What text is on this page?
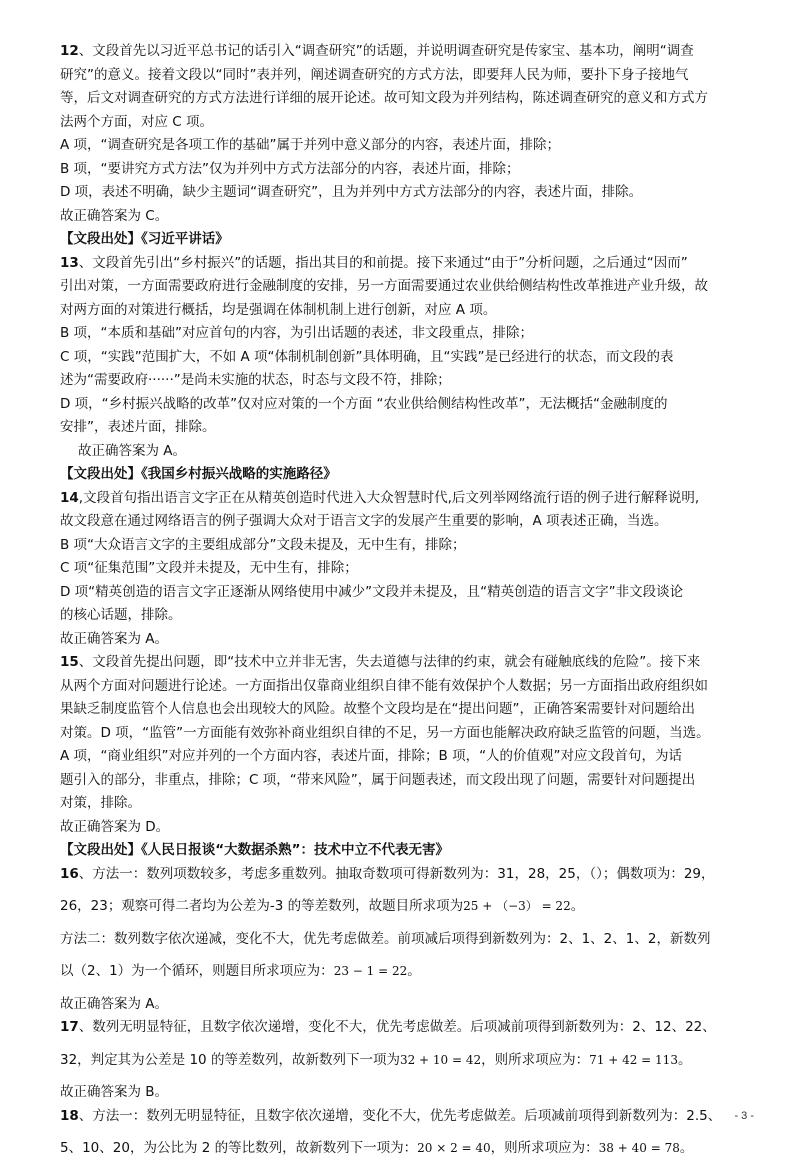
12、文段首先以习近平总书记的话引入“调查研究”的话题，并说明调查研究是传家宝、基本功，阐明“调查

研究”的意义。接着文段以“同时”表并列，阐述调查研究的方式方法，即要拜人民为师，要扑下身子接地气

等，后文对调查研究的方式方法进行详细的展开论述。故可知文段为并列结构，陈述调查研究的意义和方式方

法两个方面，对应 C 项。

A 项，“调查研究是各项工作的基础”属于并列中意义部分的内容，表述片面，排除；

B 项，“要讲究方式方法”仅为并列中方式方法部分的内容，表述片面，排除；

D 项，表述不明确，缺少主题词“调查研究”，且为并列中方式方法部分的内容，表述片面，排除。

故正确答案为 C。

【文段出处】《习近平讲话》

13、文段首先引出“乡村振兴”的话题，指出其目的和前提。接下来通过“由于”分析问题，之后通过“因而”

引出对策，一方面需要政府进行金融制度的安排，另一方面需要通过农业供给侧结构性改革推进产业升级，故

对两方面的对策进行概括，均是强调在体制机制上进行创新，对应 A 项。

B 项，“本质和基础”对应首句的内容，为引出话题的表述，非文段重点，排除；

C 项，“实践”范围扩大，不如 A 项“体制机制创新”具体明确，且“实践”是已经进行的状态，而文段的表

述为“需要政府······”是尚未实施的状态，时态与文段不符，排除；

D 项，“乡村振兴战略的改革”仅对应对策的一个方面 “农业供给侧结构性改革”，无法概括“金融制度的

安排”，表述片面，排除。

故正确答案为 A。

【文段出处】《我国乡村振兴战略的实施路径》

14,文段首句指出语言文字正在从精英创造时代进入大众智慧时代,后文列举网络流行语的例子进行解释说明,

故文段意在通过网络语言的例子强调大众对于语言文字的发展产生重要的影响，A 项表述正确，当选。

B 项“大众语言文字的主要组成部分”文段未提及，无中生有，排除；

C 项“征集范围”文段并未提及，无中生有，排除；

D 项“精英创造的语言文字正逐渐从网络使用中减少”文段并未提及，且“精英创造的语言文字”非文段谈论

的核心话题，排除。

故正确答案为 A。

15、文段首先提出问题，即“技术中立并非无害，失去道德与法律的约束，就会有碰触底线的危险”。接下来

从两个方面对问题进行论述。一方面指出仅靠商业组织自律不能有效保护个人数据；另一方面指出政府组织如

果缺乏制度监管个人信息也会出现较大的风险。故整个文段均是在“提出问题”，正确答案需要针对问题给出

对策。D 项，“监管”一方面能有效弥补商业组织自律的不足，另一方面也能解决政府缺乏监管的问题，当选。

A 项，“商业组织”对应并列的一个方面内容，表述片面，排除；B 项，“人的价值观”对应文段首句，为话

题引入的部分，非重点，排除；C 项，“带来风险”，属于问题表述，而文段出现了问题，需要针对问题提出

对策，排除。

故正确答案为 D。

【文段出处】《人民日报谈“大数据杀熟”：技术中立不代表无害》

16、方法一：数列项数较多，考虑多重数列。抽取奇数项可得新数列为：31，28，25，（）；偶数项为：29，

26，23；观察可得二者均为公差为-3 的等差数列，故题目所求项为25 + （−3） = 22。

方法二：数列数字依次递减，变化不大，优先考虑做差。前项减后项得到新数列为：2、1、2、1、2，新数列

以（2、1）为一个循环，则题目所求项应为：23 − 1 = 22。

故正确答案为 A。

17、数列无明显特征，且数字依次递增，变化不大，优先考虑做差。后项减前项得到新数列为：2、12、22、

32，判定其为公差是 10 的等差数列，故新数列下一项为32 + 10 = 42，则所求项应为：71 + 42 = 113。

故正确答案为 B。

18、方法一：数列无明显特征，且数字依次递增，变化不大，优先考虑做差。后项减前项得到新数列为：2.5、

5、10、20，为公比为 2 的等比数列，故新数列下一项为：20 × 2 = 40，则所求项应为：38 + 40 = 78。

- 3 -
